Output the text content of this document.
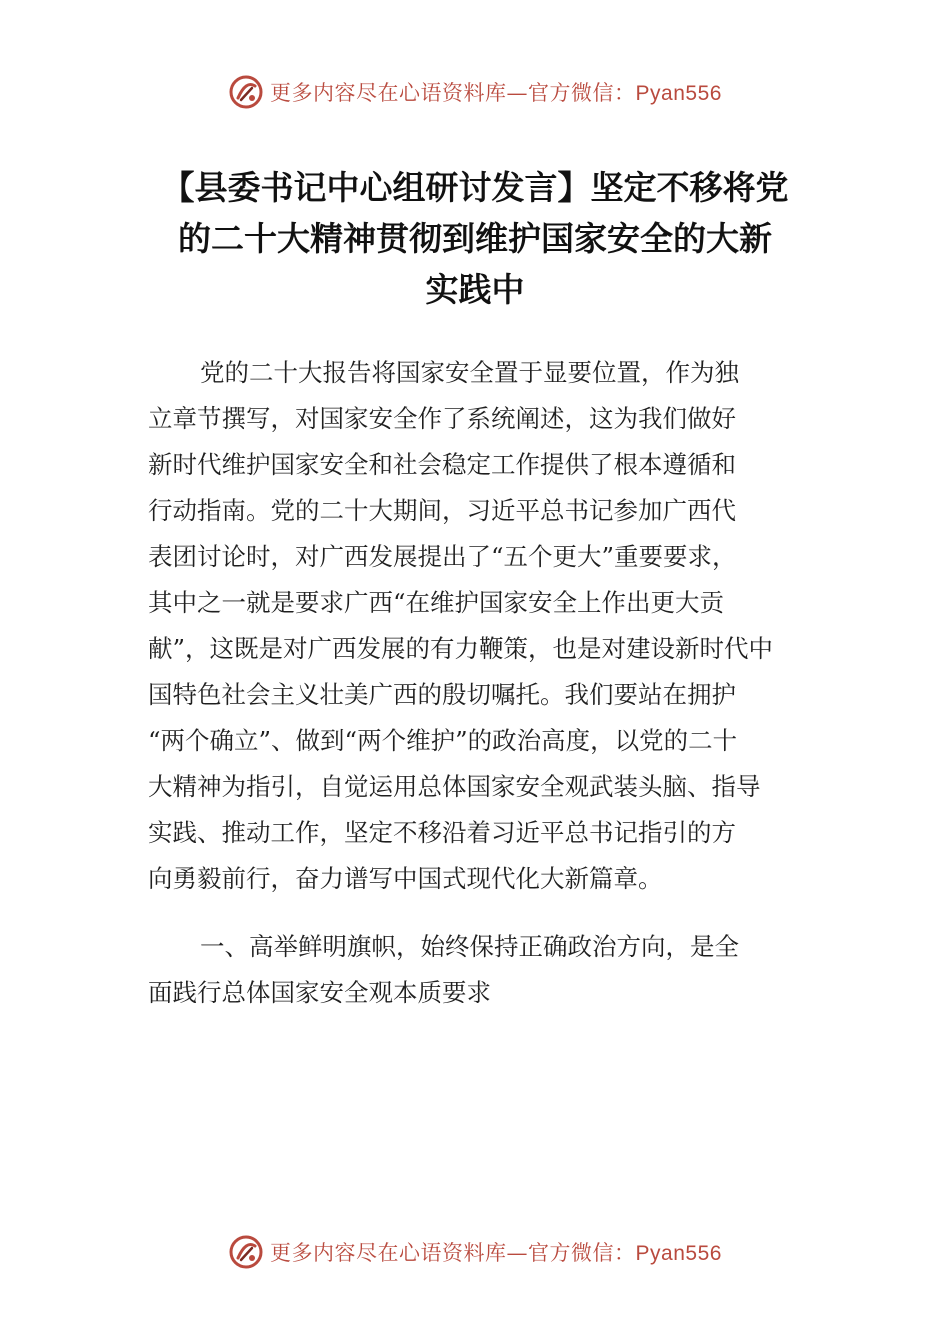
更多内容尽在心语资料库—官方微信：Pyan556
【县委书记中心组研讨发言】坚定不移将党
的二十大精神贯彻到维护国家安全的大新
实践中
党的二十大报告将国家安全置于显要位置，作为独
立章节撰写，对国家安全作了系统阐述，这为我们做好
新时代维护国家安全和社会稳定工作提供了根本遵循和
行动指南。党的二十大期间，习近平总书记参加广西代
表团讨论时，对广西发展提出了“五个更大”重要要求，
其中之一就是要求广西“在维护国家安全上作出更大贡
献”，这既是对广西发展的有力鞭策，也是对建设新时代中
国特色社会主义壮美广西的殷切嘱托。我们要站在拥护
“两个确立”、做到“两个维护”的政治高度，以党的二十
大精神为指引，自觉运用总体国家安全观武装头脑、指导
实践、推动工作，坚定不移沿着习近平总书记指引的方
向勇毅前行，奋力谱写中国式现代化大新篇章。
一、高举鲜明旗帜，始终保持正确政治方向，是全
面践行总体国家安全观本质要求
更多内容尽在心语资料库—官方微信：Pyan556
